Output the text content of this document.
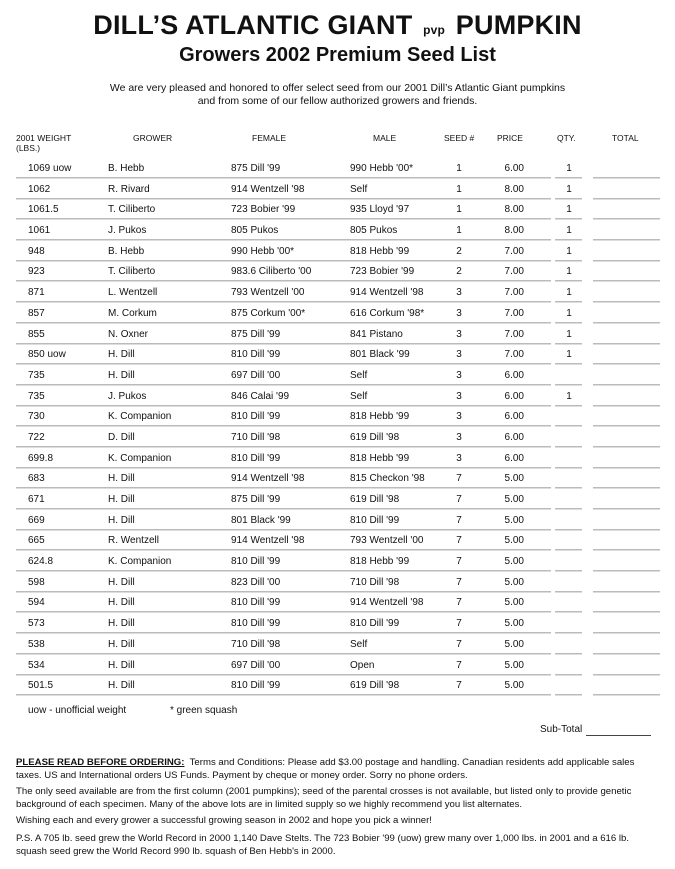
DILL’S ATLANTIC GIANT pvp PUMPKIN
Growers 2002 Premium Seed List
We are very pleased and honored to offer select seed from our 2001 Dill’s Atlantic Giant pumpkins
and from some of our fellow authorized growers and friends.
2001 WEIGHT
(LBS.)
GROWER	FEMALE	MALE	SEED #	PRICE	QTY.	TOTAL
1069 uow	B. Hebb	875 Dill '99	990 Hebb '00*	1	6.00	1
1062	R. Rivard	914 Wentzell '98	Self	1	8.00	1
1061.5	T. Ciliberto	723 Bobier '99	935 Lloyd '97	1	8.00	1
1061	J. Pukos	805 Pukos	805 Pukos	1	8.00	1
948	B. Hebb	990 Hebb '00*	818 Hebb '99	2	7.00	1
923	T. Ciliberto	983.6 Ciliberto '00	723 Bobier '99	2	7.00	1
871	L. Wentzell	793 Wentzell '00	914 Wentzell '98	3	7.00	1
857	M. Corkum	875 Corkum '00*	616 Corkum '98*	3	7.00	1
855	N. Oxner	875 Dill '99	841 Pistano	3	7.00	1
850 uow	H. Dill	810 Dill '99	801 Black '99	3	7.00	1
735	H. Dill	697 Dill '00	Self	3	6.00
735	J. Pukos	846 Calai '99	Self	3	6.00	1
730	K. Companion	810 Dill '99	818 Hebb '99	3	6.00
722	D. Dill	710 Dill '98	619 Dill '98	3	6.00
699.8	K. Companion	810 Dill '99	818 Hebb '99	3	6.00
683	H. Dill	914 Wentzell '98	815 Checkon '98	7	5.00
671	H. Dill	875 Dill '99	619 Dill '98	7	5.00
669	H. Dill	801 Black '99	810 Dill '99	7	5.00
665	R. Wentzell	914 Wentzell '98	793 Wentzell '00	7	5.00
624.8	K. Companion	810 Dill '99	818 Hebb '99	7	5.00
598	H. Dill	823 Dill '00	710 Dill '98	7	5.00
594	H. Dill	810 Dill '99	914 Wentzell '98	7	5.00
573	H. Dill	810 Dill '99	810 Dill '99	7	5.00
538	H. Dill	710 Dill '98	Self	7	5.00
534	H. Dill	697 Dill '00	Open	7	5.00
501.5	H. Dill	810 Dill '99	619 Dill '98	7	5.00
uow - unofficial weight	* green squash
Sub-Total
PLEASE READ BEFORE ORDERING: Terms and Conditions: Please add $3.00 postage and handling. Canadian residents add applicable sales taxes. US and International orders US Funds. Payment by cheque or money order. Sorry no phone orders.
The only seed available are from the first column (2001 pumpkins); seed of the parental crosses is not available, but listed only to provide genetic background of each specimen. Many of the above lots are in limited supply so we highly recommend you list alternates.
Wishing each and every grower a successful growing season in 2002 and hope you pick a winner!
P.S. A 705 lb. seed grew the World Record in 2000 1,140 Dave Stelts. The 723 Bobier '99 (uow) grew many over 1,000 lbs. in 2001 and a 616 lb. squash seed grew the World Record 990 lb. squash of Ben Hebb's in 2000.
